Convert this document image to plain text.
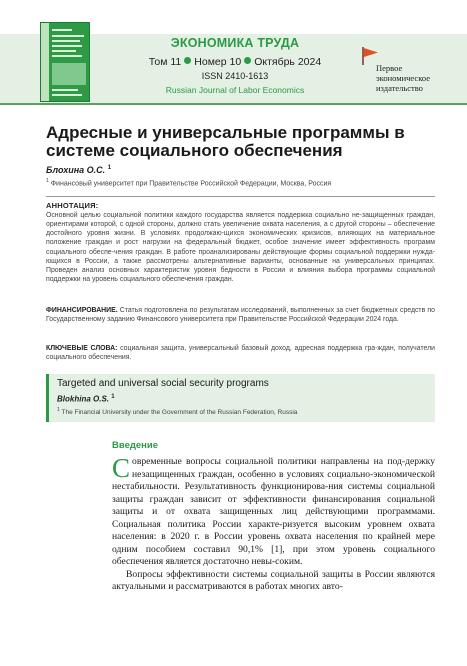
ЭКОНОМИКА ТРУДА
Том 11 Номер 10 Октябрь 2024
ISSN 2410-1613
Russian Journal of Labor Economics
Первое экономическое издательство
Адресные и универсальные программы в системе социального обеспечения
Блохина О.С. $^1$
$^1$ Финансовый университет при Правительстве Российской Федерации, Москва, Россия
АННОТАЦИЯ:
Основной целью социальной политики каждого государства является поддержка социально не-защищенных граждан, ориентирами которой, с одной стороны, должно стать увеличение охвата населения, а с другой стороны – обеспечение достойного уровня жизни. В условиях продолжаю-щихся экономических кризисов, влияющих на материальное положение граждан и рост нагрузки на федеральный бюджет, особое значение имеет эффективность программ социального обеспе-чения граждан. В работе проанализированы действующие формы социальной поддержки нужда-ющихся в России, а также рассмотрены альтернативные варианты, основанные на универсальных принципах. Проведен анализ основных характеристик уровня бедности в России и влияния выбора программы социальной поддержки на уровень социального обеспечения граждан.
ФИНАНСИРОВАНИЕ. Статья подготовлена по результатам исследований, выполненных за счет бюджетных средств по Государственному заданию Финансового университета при Правительстве Российской Федерации 2024 года.
КЛЮЧЕВЫЕ СЛОВА: социальная защита, универсальный базовый доход, адресная поддержка гра-ждан, получатели социального обеспечения.
Targeted and universal social security programs
Blokhina O.S. $^1$
$^1$ The Financial University under the Government of the Russian Federation, Russia
Введение

Современные вопросы социальной политики направлены на под-держку незащищенных граждан, особенно в условиях социально-экономической нестабильности. Результативность функционирова-ния системы социальной защиты граждан зависит от эффективности финансирования социальной защиты и от охвата защищенных лиц действующими программами. Социальная политика России характе-ризуется высоким уровнем охвата населения: в 2020 г. в России уровень охвата населения по крайней мере одним пособием составил 90,1% [1], при этом уровень социального обеспечения является достаточно невы-соким.

Вопросы эффективности системы социальной защиты в России являются актуальными и рассматриваются в работах многих авто-
